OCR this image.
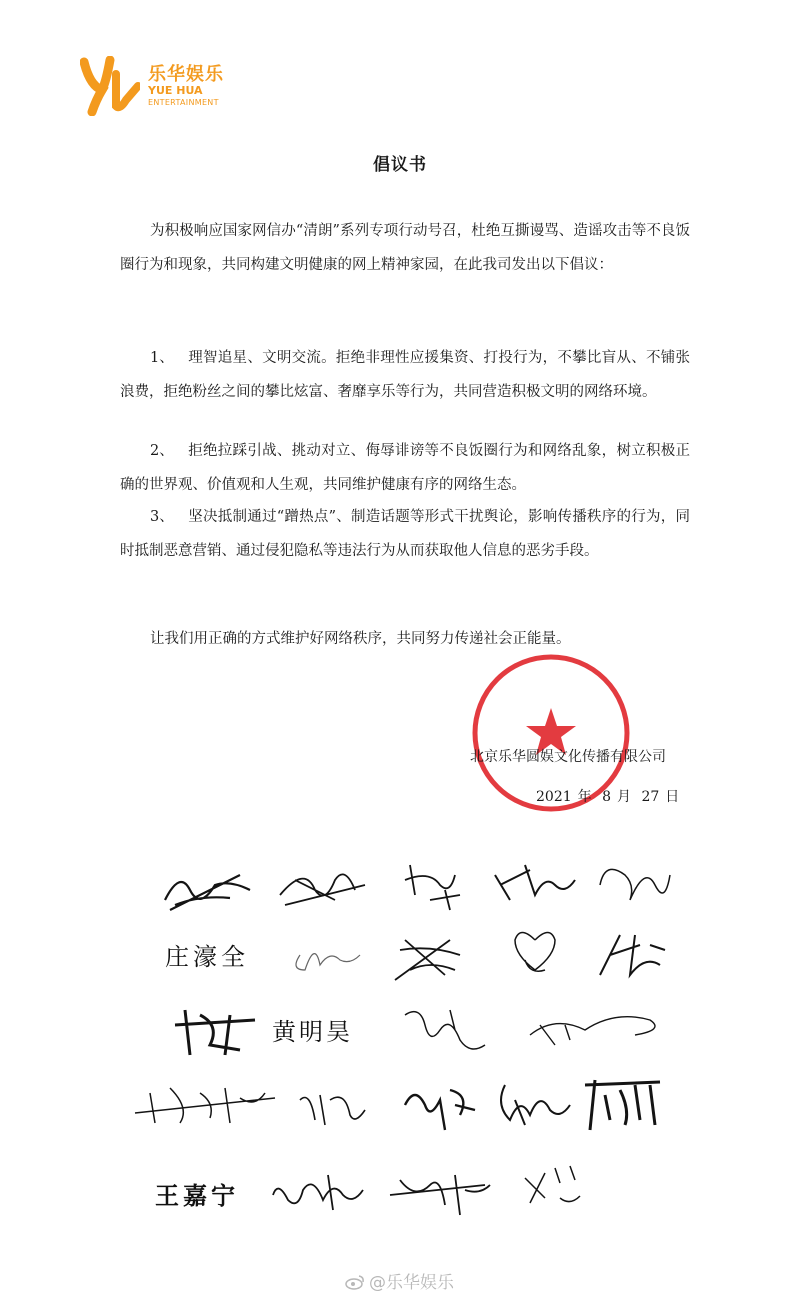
乐华娱乐
YUE HUA
ENTERTAINMENT
倡议书

为积极响应国家网信办“清朗”系列专项行动号召，杜绝互撕谩骂、造谣攻击等不良饭圈行为和现象，共同构建文明健康的网上精神家园，在此我司发出以下倡议：

1、 理智追星、文明交流。拒绝非理性应援集资、打投行为，不攀比盲从、不铺张浪费，拒绝粉丝之间的攀比炫富、奢靡享乐等行为，共同营造积极文明的网络环境。

2、 拒绝拉踩引战、挑动对立、侮辱诽谤等不良饭圈行为和网络乱象，树立积极正确的世界观、价值观和人生观，共同维护健康有序的网络生态。

3、 坚决抵制通过“蹭热点”、制造话题等形式干扰舆论，影响传播秩序的行为，同时抵制恶意营销、通过侵犯隐私等违法行为从而获取他人信息的恶劣手段。

让我们用正确的方式维护好网络秩序，共同努力传递社会正能量。

北京乐华圆娱文化传播有限公司
2021 年 8 月 27 日
庄濠全
黄明昊
王嘉宁
@乐华娱乐
